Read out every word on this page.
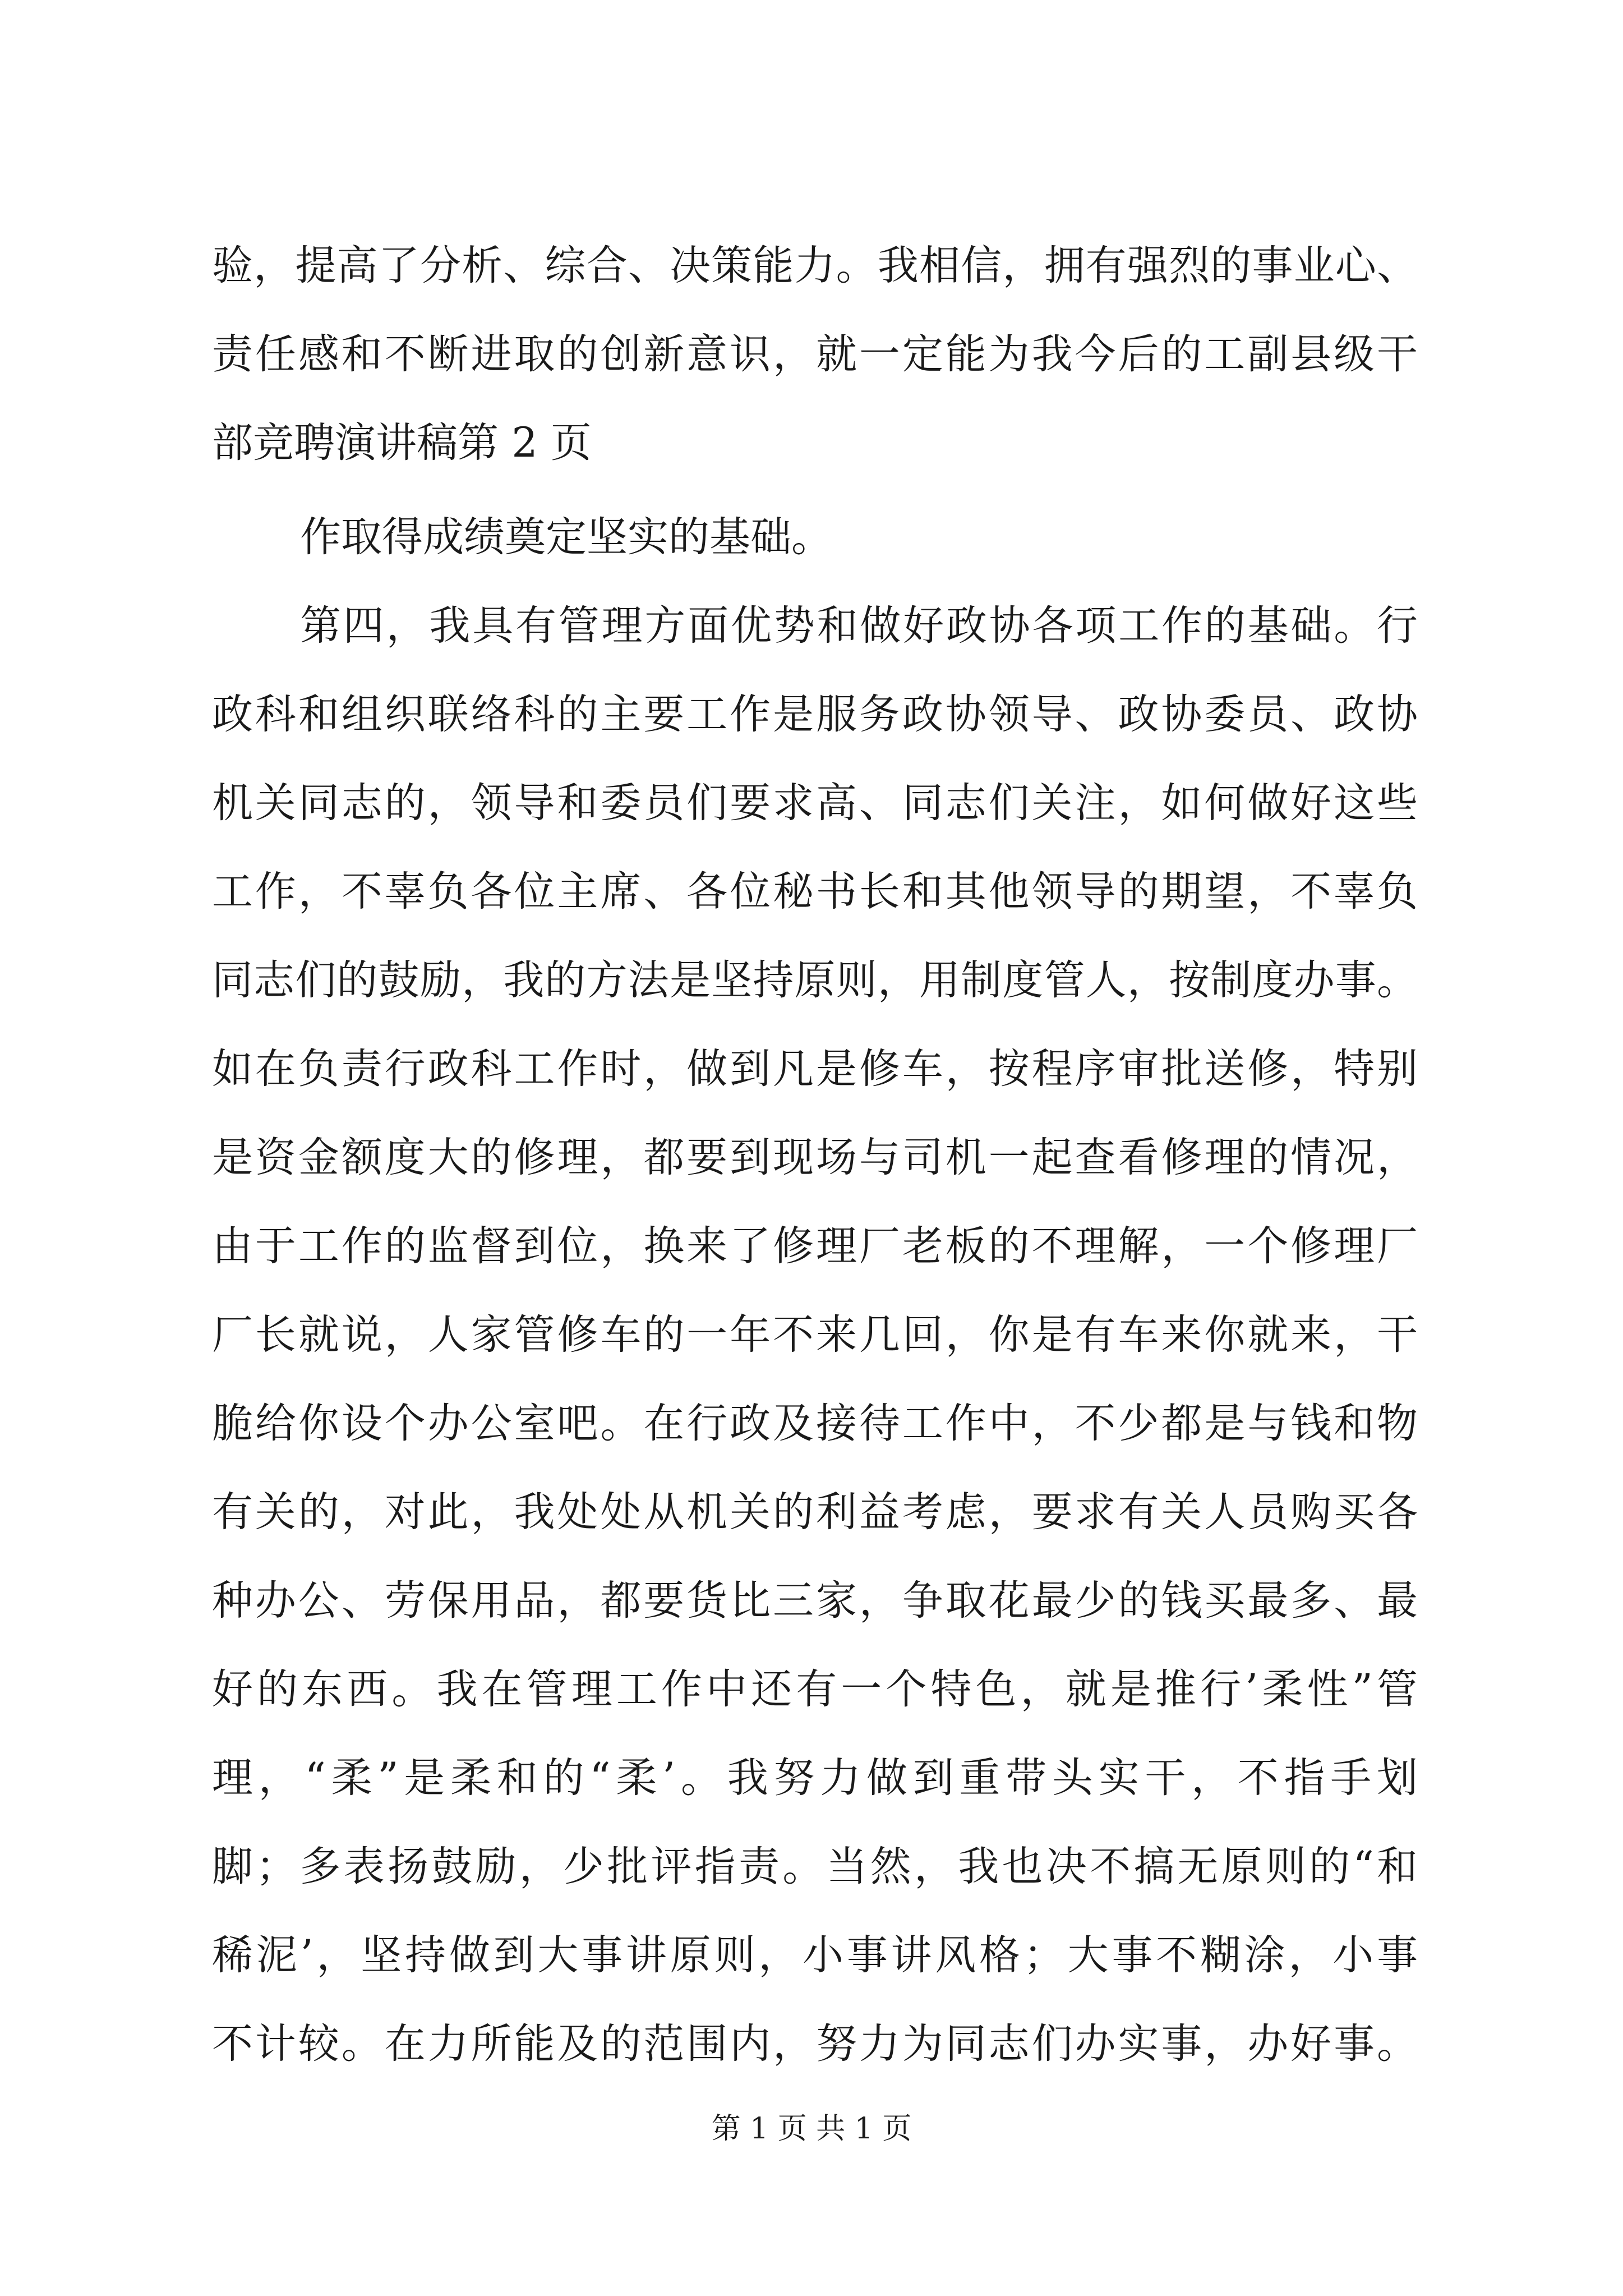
验，提高了分析、综合、决策能力。我相信，拥有强烈的事业心、
责任感和不断进取的创新意识，就一定能为我今后的工副县级干
部竞聘演讲稿第 2 页
作取得成绩奠定坚实的基础。
第四，我具有管理方面优势和做好政协各项工作的基础。行
政科和组织联络科的主要工作是服务政协领导、政协委员、政协
机关同志的，领导和委员们要求高、同志们关注，如何做好这些
工作，不辜负各位主席、各位秘书长和其他领导的期望，不辜负
同志们的鼓励，我的方法是坚持原则，用制度管人，按制度办事。
如在负责行政科工作时，做到凡是修车，按程序审批送修，特别
是资金额度大的修理，都要到现场与司机一起查看修理的情况，
由于工作的监督到位，换来了修理厂老板的不理解，一个修理厂
厂长就说，人家管修车的一年不来几回，你是有车来你就来，干
脆给你设个办公室吧。在行政及接待工作中，不少都是与钱和物
有关的，对此，我处处从机关的利益考虑，要求有关人员购买各
种办公、劳保用品，都要货比三家，争取花最少的钱买最多、最
好的东西。我在管理工作中还有一个特色，就是推行’柔性”管
理，“柔”是柔和的“柔’。我努力做到重带头实干，不指手划
脚；多表扬鼓励，少批评指责。当然，我也决不搞无原则的“和
稀泥’，坚持做到大事讲原则，小事讲风格；大事不糊涂，小事
不计较。在力所能及的范围内，努力为同志们办实事，办好事。
第 1 页 共 1 页
